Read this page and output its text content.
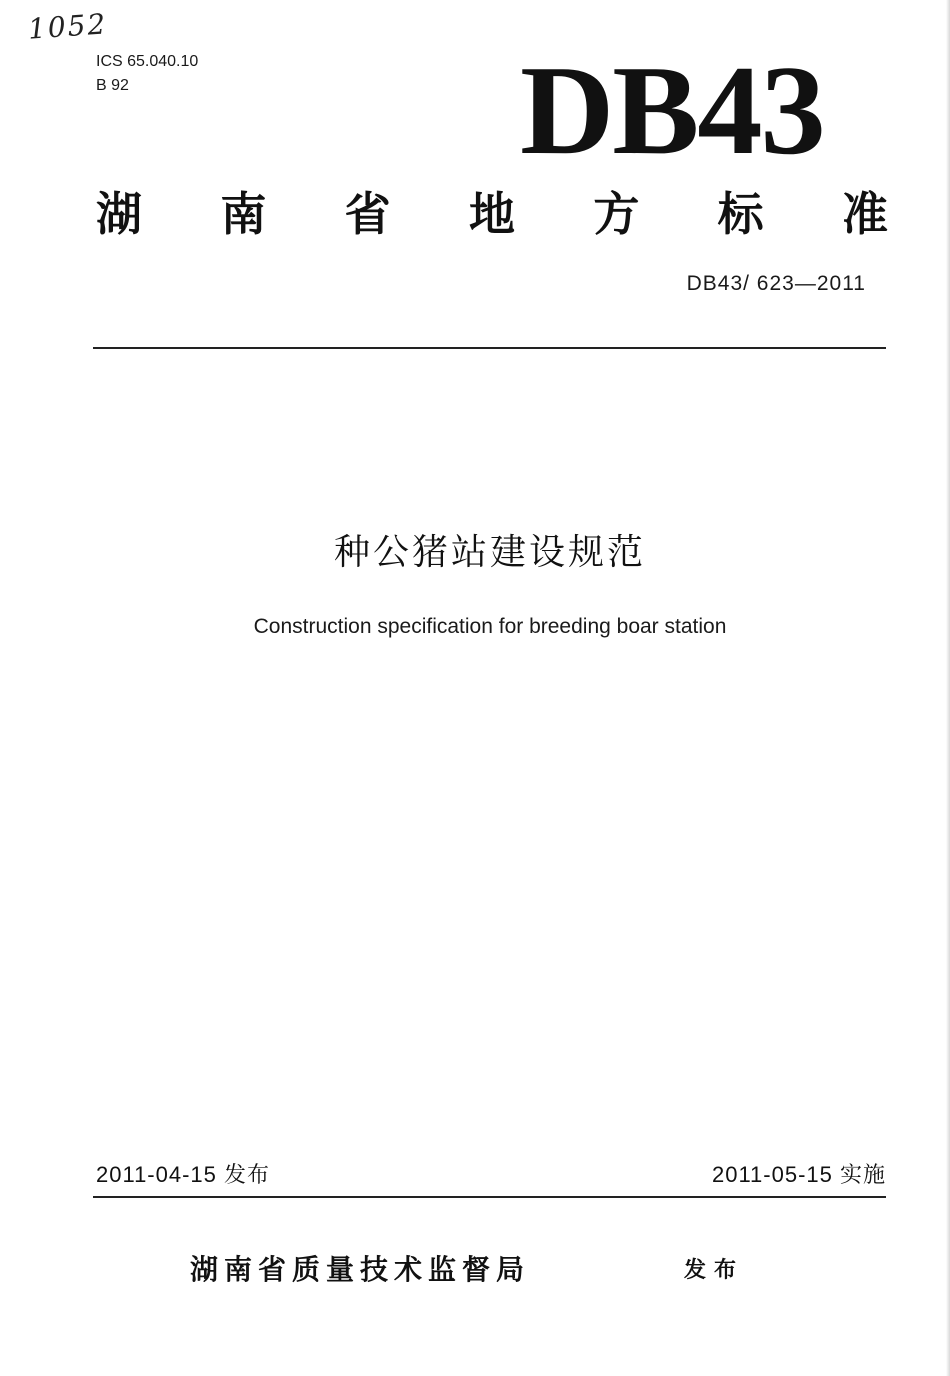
1052
ICS 65.040.10
B 92	DB43
湖 南 省 地 方 标 准
DB43/ 623—2011
种公猪站建设规范
Construction specification for breeding boar station
2011-04-15 发布	2011-05-15 实施
湖南省质量技术监督局	发布
